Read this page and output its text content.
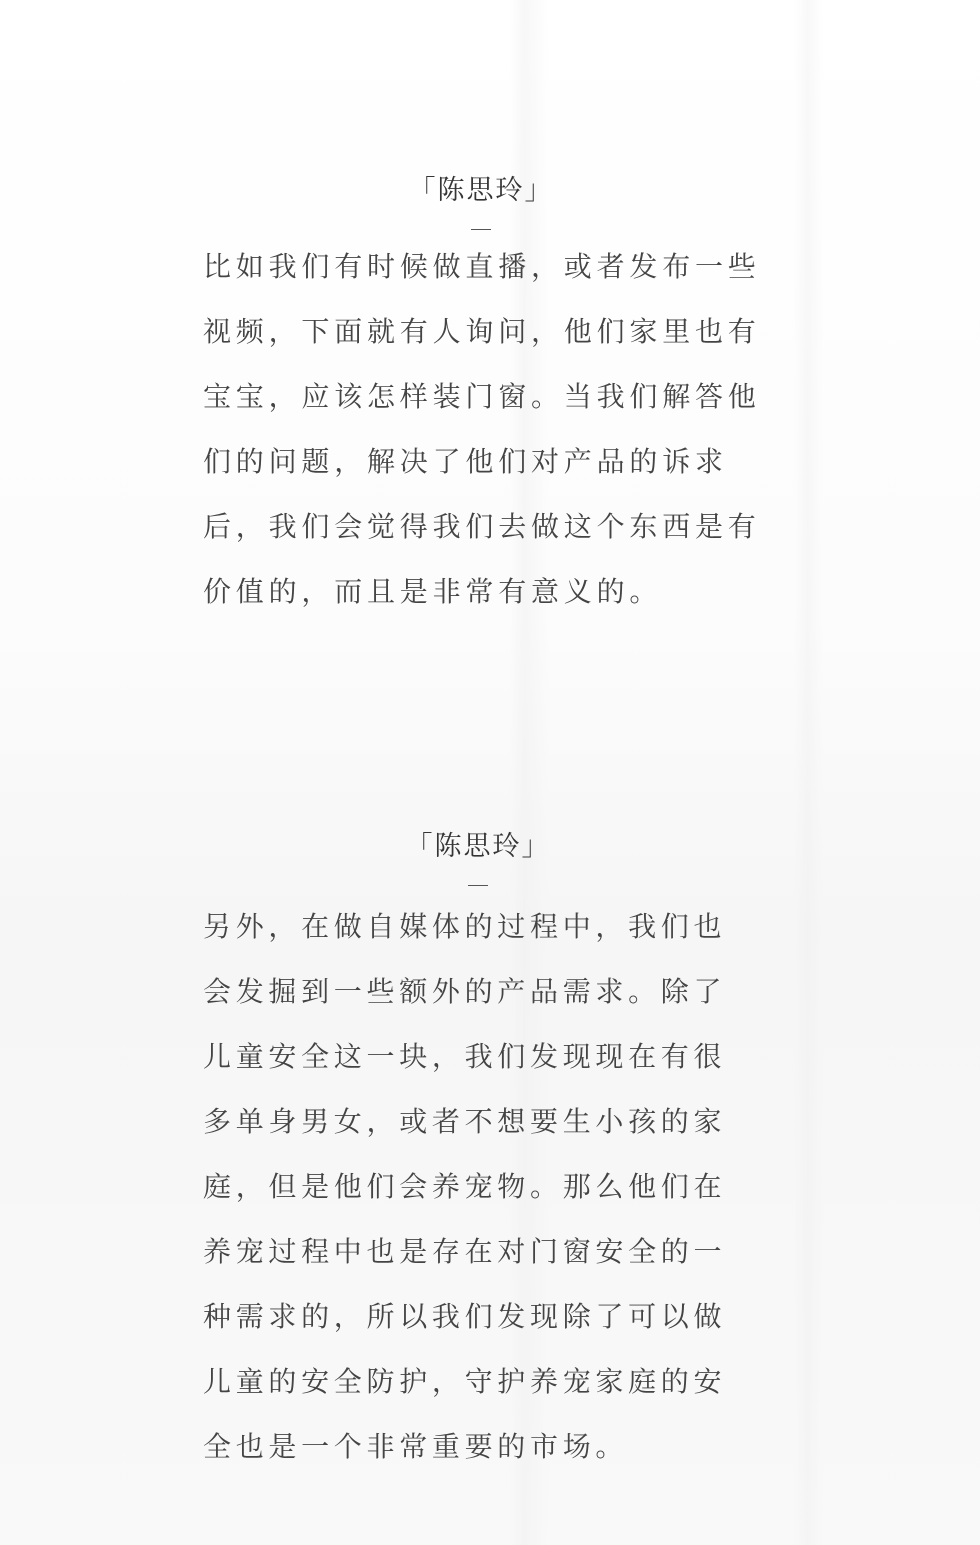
「陈思玲」
比如我们有时候做直播，或者发布一些
视频，下面就有人询问，他们家里也有
宝宝，应该怎样装门窗。当我们解答他
们的问题，解决了他们对产品的诉求
后，我们会觉得我们去做这个东西是有
价值的，而且是非常有意义的。
「陈思玲」
另外，在做自媒体的过程中，我们也
会发掘到一些额外的产品需求。除了
儿童安全这一块，我们发现现在有很
多单身男女，或者不想要生小孩的家
庭，但是他们会养宠物。那么他们在
养宠过程中也是存在对门窗安全的一
种需求的，所以我们发现除了可以做
儿童的安全防护，守护养宠家庭的安
全也是一个非常重要的市场。
